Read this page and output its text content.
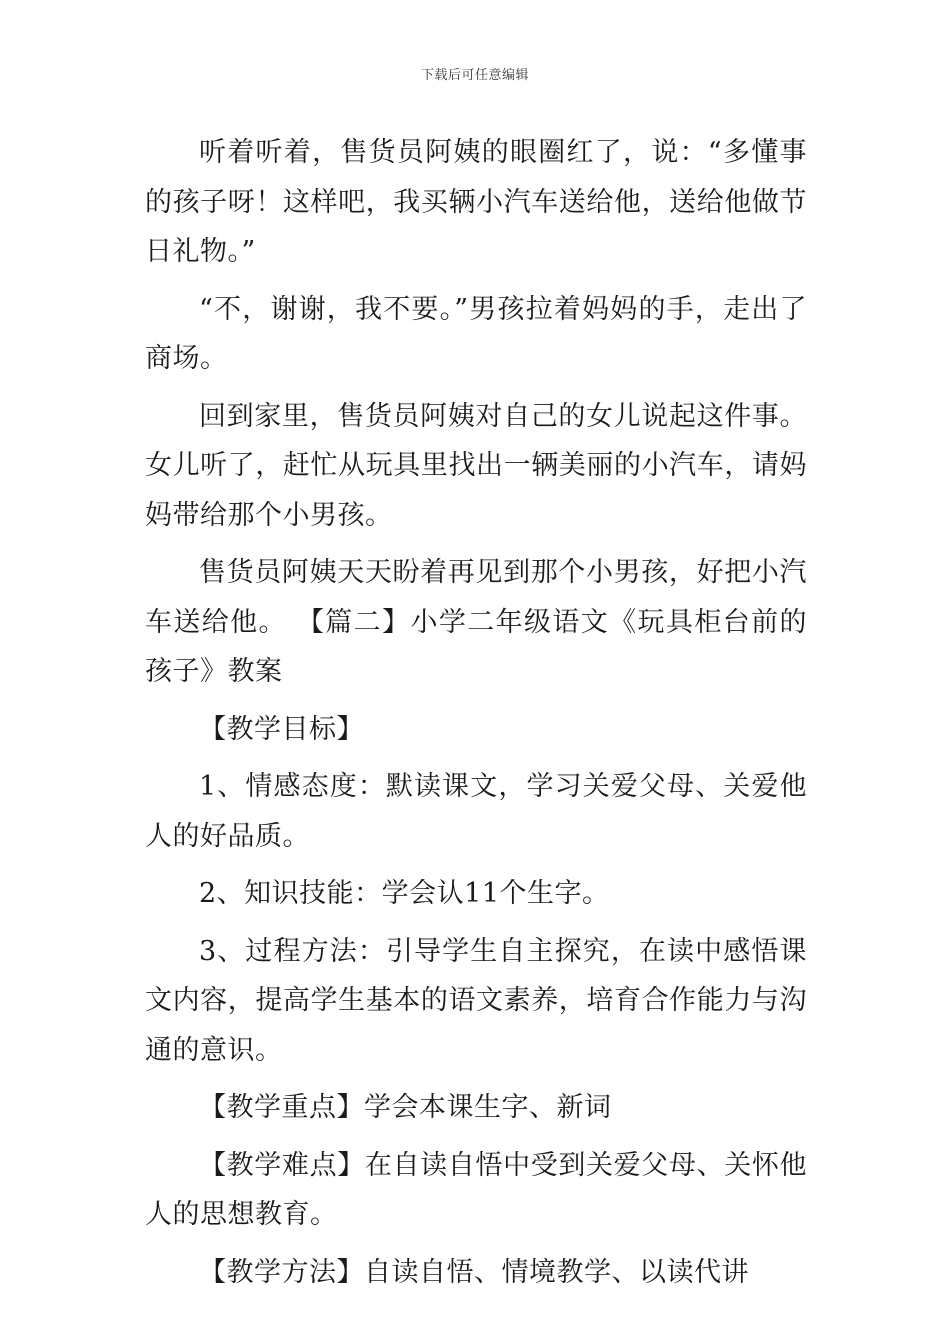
下载后可任意编辑

听着听着，售货员阿姨的眼圈红了，说：“多懂事的孩子呀！这样吧，我买辆小汽车送给他，送给他做节日礼物。”

“不，谢谢，我不要。”男孩拉着妈妈的手，走出了商场。

回到家里，售货员阿姨对自己的女儿说起这件事。女儿听了，赶忙从玩具里找出一辆美丽的小汽车，请妈妈带给那个小男孩。

售货员阿姨天天盼着再见到那个小男孩，好把小汽车送给他。 【篇二】小学二年级语文《玩具柜台前的孩子》教案

【教学目标】

1、情感态度：默读课文，学习关爱父母、关爱他人的好品质。

2、知识技能：学会认11个生字。

3、过程方法：引导学生自主探究，在读中感悟课文内容，提高学生基本的语文素养，培育合作能力与沟通的意识。

【教学重点】学会本课生字、新词

【教学难点】在自读自悟中受到关爱父母、关怀他人的思想教育。

【教学方法】自读自悟、情境教学、以读代讲
